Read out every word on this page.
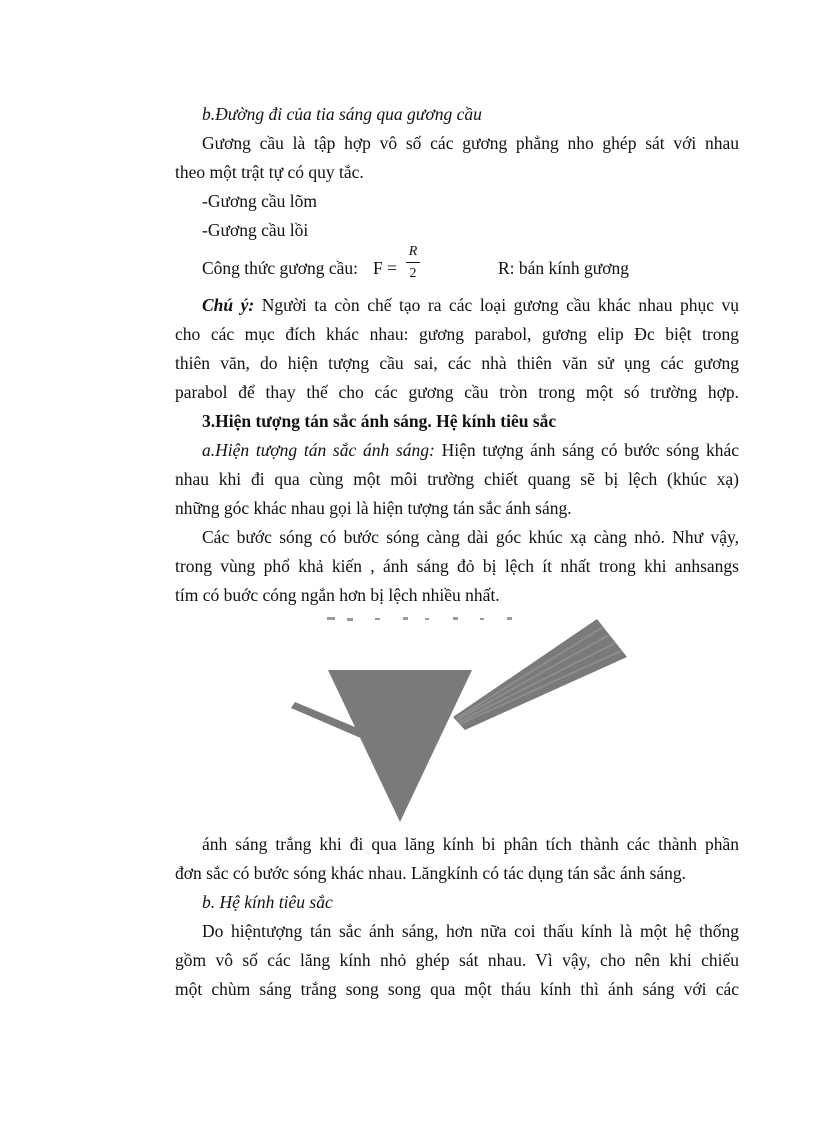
b.Đường đi của tia sáng qua gương cầu
Gương cầu là tập hợp vô số các gương phẳng nho ghép sát với nhau
theo một trật tự có quy tắc.
-Gương cầu lõm
-Gương cầu lồi
Công thức gương cầu: F =
R
2	R: bán kính gương
Chú ý: Người ta còn chế tạo ra các loại gương cầu khác nhau phục vụ
cho các mục đích khác nhau: gương parabol, gương elip Đc biệt trong
thiên văn, do hiện tượng cầu sai, các nhà thiên văn sử ụng các gương
parabol để thay thế cho các gương cầu tròn trong một só trường hợp.
3.Hiện tượng tán sắc ánh sáng. Hệ kính tiêu sắc
a.Hiện tượng tán sắc ánh sáng: Hiện tượng ánh sáng có bước sóng khác
nhau khi đi qua cùng một môi trường chiết quang sẽ bị lệch (khúc xạ)
những góc khác nhau gọi là hiện tượng tán sắc ánh sáng.
Các bước sóng có bước sóng càng dài góc khúc xạ càng nhỏ. Như vậy,
trong vùng phổ khả kiến , ánh sáng đỏ bị lệch ít nhất trong khi anhsangs
tím có buớc cóng ngắn hơn bị lệch nhiều nhất.
ánh sáng trắng khi đi qua lăng kính bi phân tích thành các thành phần
đơn sắc có bước sóng khác nhau. Lăngkính có tác dụng tán sắc ánh sáng.
b. Hệ kính tiêu sắc
Do hiệntượng tán sắc ánh sáng, hơn nữa coi thấu kính là một hệ thống
gồm vô số các lăng kính nhỏ ghép sát nhau. Vì vậy, cho nên khi chiếu
một chùm sáng trắng song song qua một tháu kính thì ánh sáng với các
